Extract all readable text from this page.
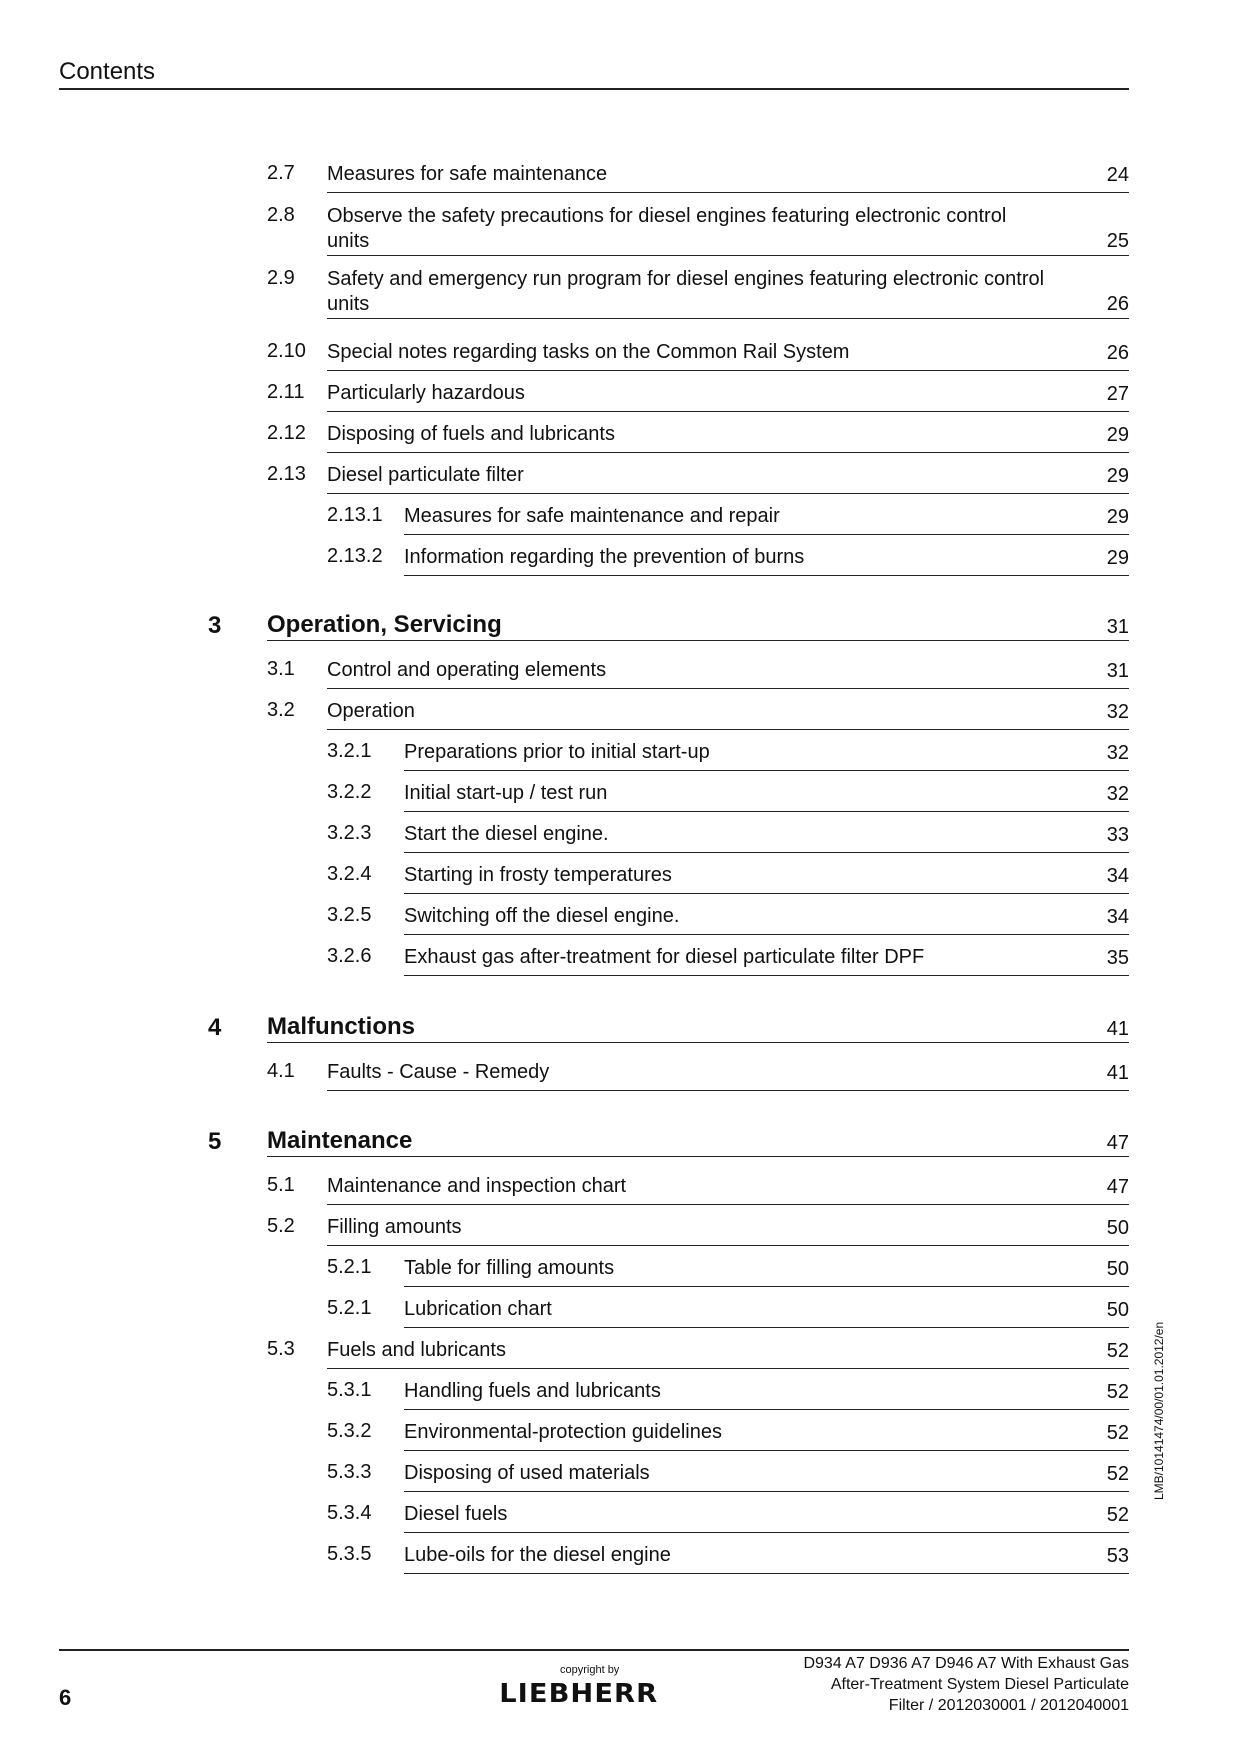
Contents
2.7 Measures for safe maintenance	24
2.8 Observe the safety precautions for diesel engines featuring electronic control units	25
2.9 Safety and emergency run program for diesel engines featuring electronic control units	26
2.10 Special notes regarding tasks on the Common Rail System	26
2.11 Particularly hazardous	27
2.12 Disposing of fuels and lubricants	29
2.13 Diesel particulate filter	29
2.13.1 Measures for safe maintenance and repair	29
2.13.2 Information regarding the prevention of burns	29
3 Operation, Servicing	31
3.1 Control and operating elements	31
3.2 Operation	32
3.2.1 Preparations prior to initial start-up	32
3.2.2 Initial start-up / test run	32
3.2.3 Start the diesel engine.	33
3.2.4 Starting in frosty temperatures	34
3.2.5 Switching off the diesel engine.	34
3.2.6 Exhaust gas after-treatment for diesel particulate filter DPF	35
4 Malfunctions	41
4.1 Faults - Cause - Remedy	41
5 Maintenance	47
5.1 Maintenance and inspection chart	47
5.2 Filling amounts	50
5.2.1 Table for filling amounts	50
5.2.1 Lubrication chart	50
5.3 Fuels and lubricants	52
5.3.1 Handling fuels and lubricants	52
5.3.2 Environmental-protection guidelines	52
5.3.3 Disposing of used materials	52
5.3.4 Diesel fuels	52
5.3.5 Lube-oils for the diesel engine	53
LMB/10141474/00/01.01.2012/en
6
copyright by
LIEBHERR
D934 A7 D936 A7 D946 A7 With Exhaust Gas
After-Treatment System Diesel Particulate
Filter / 2012030001 / 2012040001
